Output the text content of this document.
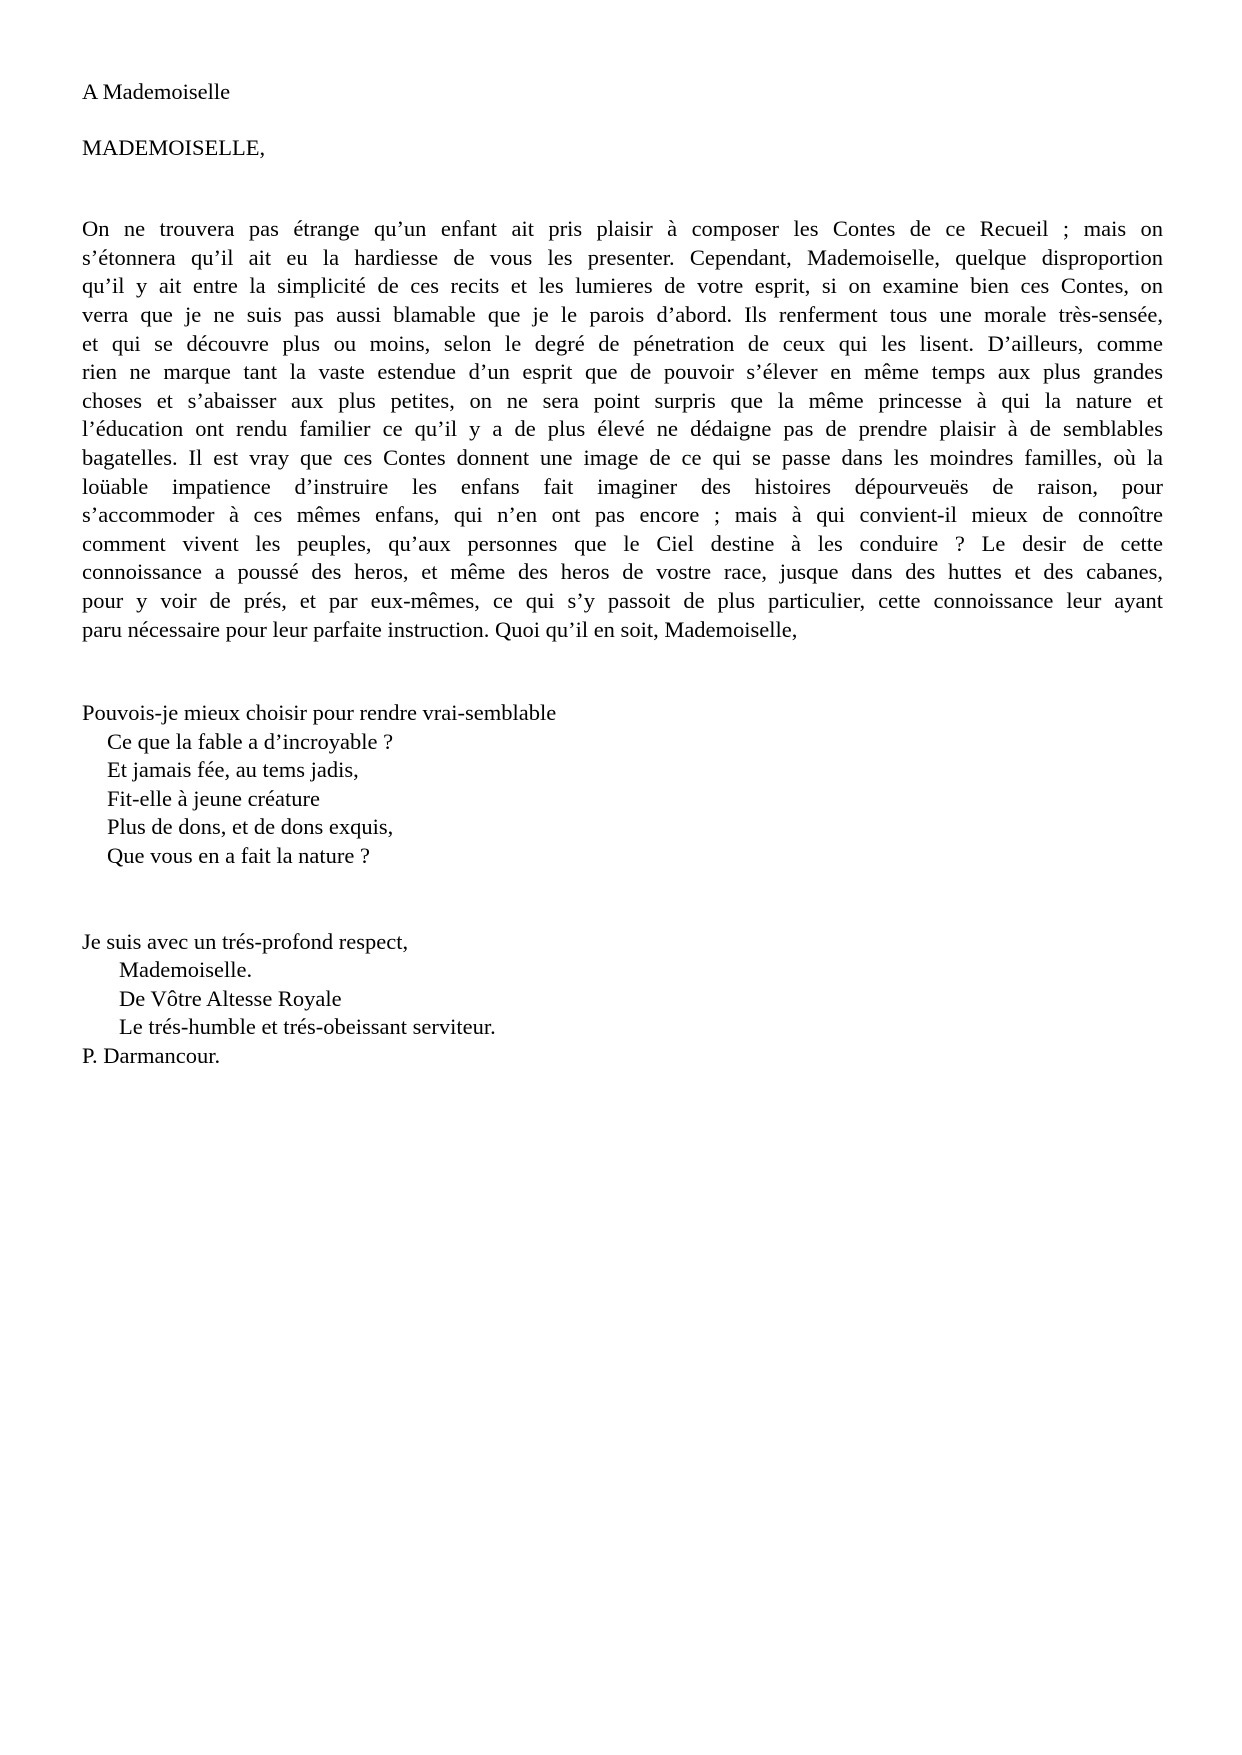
A Mademoiselle
MADEMOISELLE,
On ne trouvera pas étrange qu’un enfant ait pris plaisir à composer les Contes de ce Recueil ; mais on
s’étonnera qu’il ait eu la hardiesse de vous les presenter. Cependant, Mademoiselle, quelque disproportion
qu’il y ait entre la simplicité de ces recits et les lumieres de votre esprit, si on examine bien ces Contes, on
verra que je ne suis pas aussi blamable que je le parois d’abord. Ils renferment tous une morale très-sensée,
et qui se découvre plus ou moins, selon le degré de pénetration de ceux qui les lisent. D’ailleurs, comme
rien ne marque tant la vaste estendue d’un esprit que de pouvoir s’élever en même temps aux plus grandes
choses et s’abaisser aux plus petites, on ne sera point surpris que la même princesse à qui la nature et
l’éducation ont rendu familier ce qu’il y a de plus élevé ne dédaigne pas de prendre plaisir à de semblables
bagatelles. Il est vray que ces Contes donnent une image de ce qui se passe dans les moindres familles, où la
loüable impatience d’instruire les enfans fait imaginer des histoires dépourveuës de raison, pour
s’accommoder à ces mêmes enfans, qui n’en ont pas encore ; mais à qui convient-il mieux de connoître
comment vivent les peuples, qu’aux personnes que le Ciel destine à les conduire ? Le desir de cette
connoissance a poussé des heros, et même des heros de vostre race, jusque dans des huttes et des cabanes,
pour y voir de prés, et par eux-mêmes, ce qui s’y passoit de plus particulier, cette connoissance leur ayant
paru nécessaire pour leur parfaite instruction. Quoi qu’il en soit, Mademoiselle,
Pouvois-je mieux choisir pour rendre vrai-semblable
Ce que la fable a d’incroyable ?
Et jamais fée, au tems jadis,
Fit-elle à jeune créature
Plus de dons, et de dons exquis,
Que vous en a fait la nature ?
Je suis avec un trés-profond respect,
Mademoiselle.
De Vôtre Altesse Royale
Le trés-humble et trés-obeissant serviteur.
P. Darmancour.
